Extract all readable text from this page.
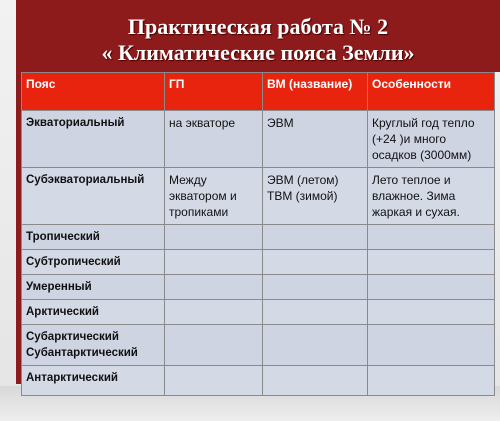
Практическая работа № 2
« Климатические пояса Земли»
Пояс	ГП	ВМ (название)	Особенности
Экваториальный	на экваторе	ЭВМ	Круглый год тепло (+24 )и много осадков (3000мм)
Субэкваториальный	Между экватором и тропиками	ЭВМ (летом) ТВМ (зимой)	Лето теплое и влажное. Зима жаркая и сухая.
Тропический			
Субтропический			
Умеренный			
Арктический			
Субарктический Субантарктический			
Антарктический			
